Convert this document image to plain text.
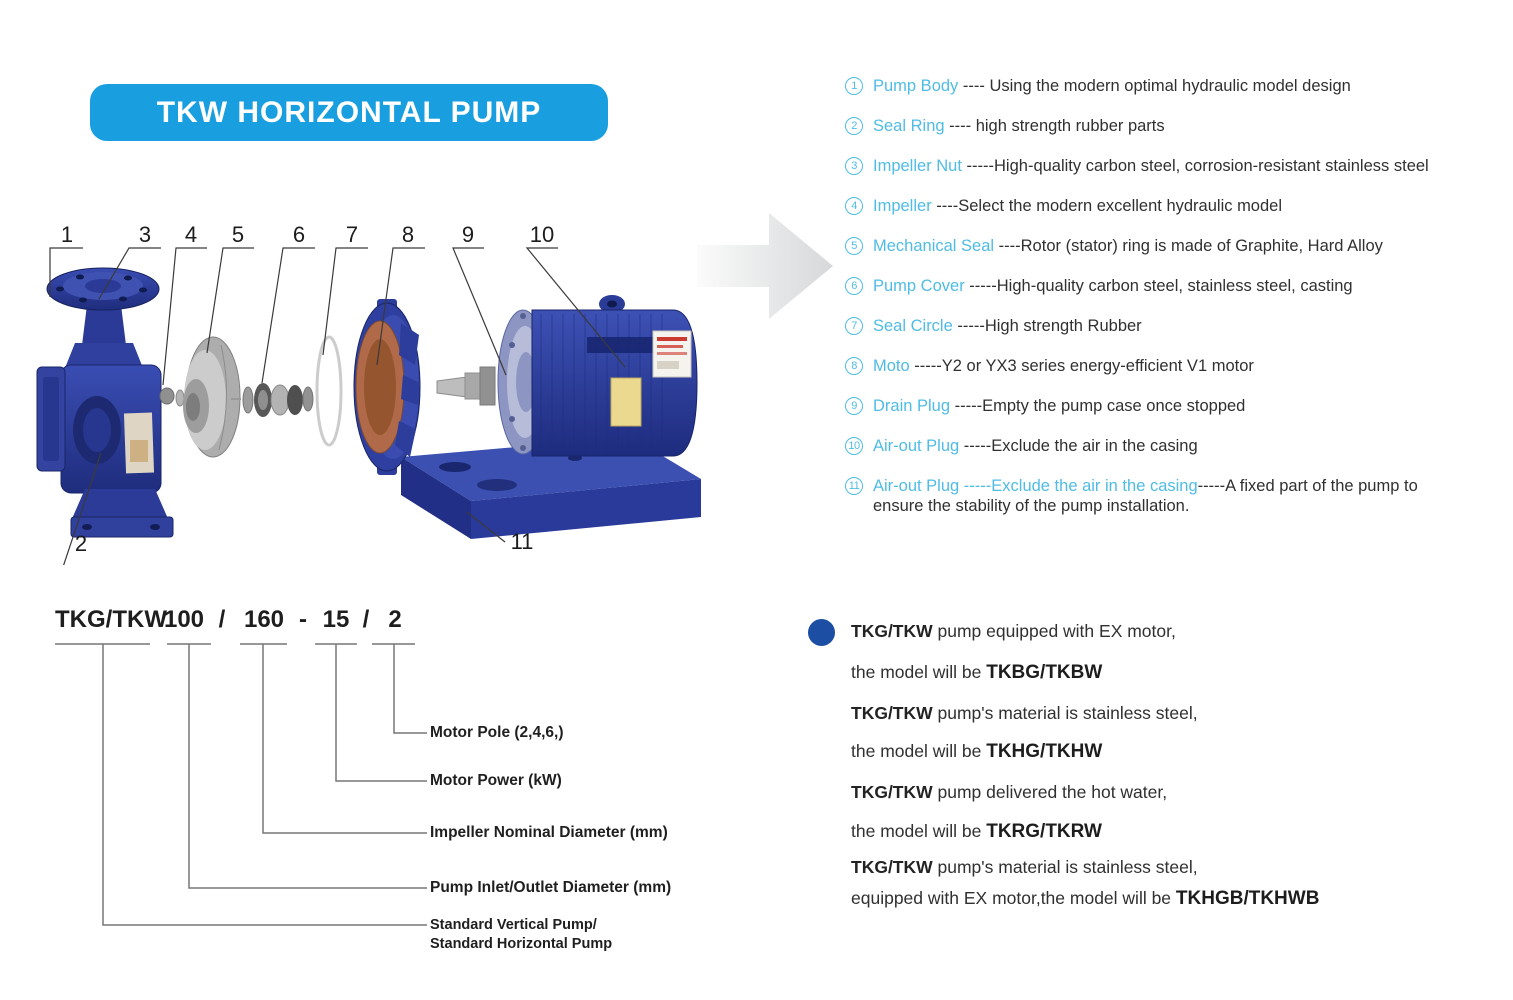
TKW HORIZONTAL PUMP
1	3 4 5 6 7 8 9	10
2	11
1 Pump Body ---- Using the modern optimal hydraulic model design
2 Seal Ring ---- high strength rubber parts
3 Impeller Nut -----High-quality carbon steel, corrosion-resistant stainless steel
4 Impeller ----Select the modern excellent hydraulic model
5 Mechanical Seal ----Rotor (stator) ring is made of Graphite, Hard Alloy
6 Pump Cover -----High-quality carbon steel, stainless steel, casting
7 Seal Circle -----High strength Rubber
8 Moto -----Y2 or YX3 series energy-efficient V1 motor
9 Drain Plug -----Empty the pump case once stopped
10 Air-out Plug -----Exclude the air in the casing
11 Air-out Plug -----Exclude the air in the casing-----A fixed part of the pump to
ensure the stability of the pump installation.
TKG/TKW
100 / 160 - 15 / 2
Motor Pole (2,4,6,)
Motor Power (kW)
Impeller Nominal Diameter (mm)
Pump Inlet/Outlet Diameter (mm)
Standard Vertical Pump/
Standard Horizontal Pump
TKG/TKW pump equipped with EX motor,
the model will be TKBG/TKBW
TKG/TKW pump's material is stainless steel,
the model will be TKHG/TKHW
TKG/TKW pump delivered the hot water,
the model will be TKRG/TKRW
TKG/TKW pump's material is stainless steel,
equipped with EX motor,the model will be TKHGB/TKHWB
